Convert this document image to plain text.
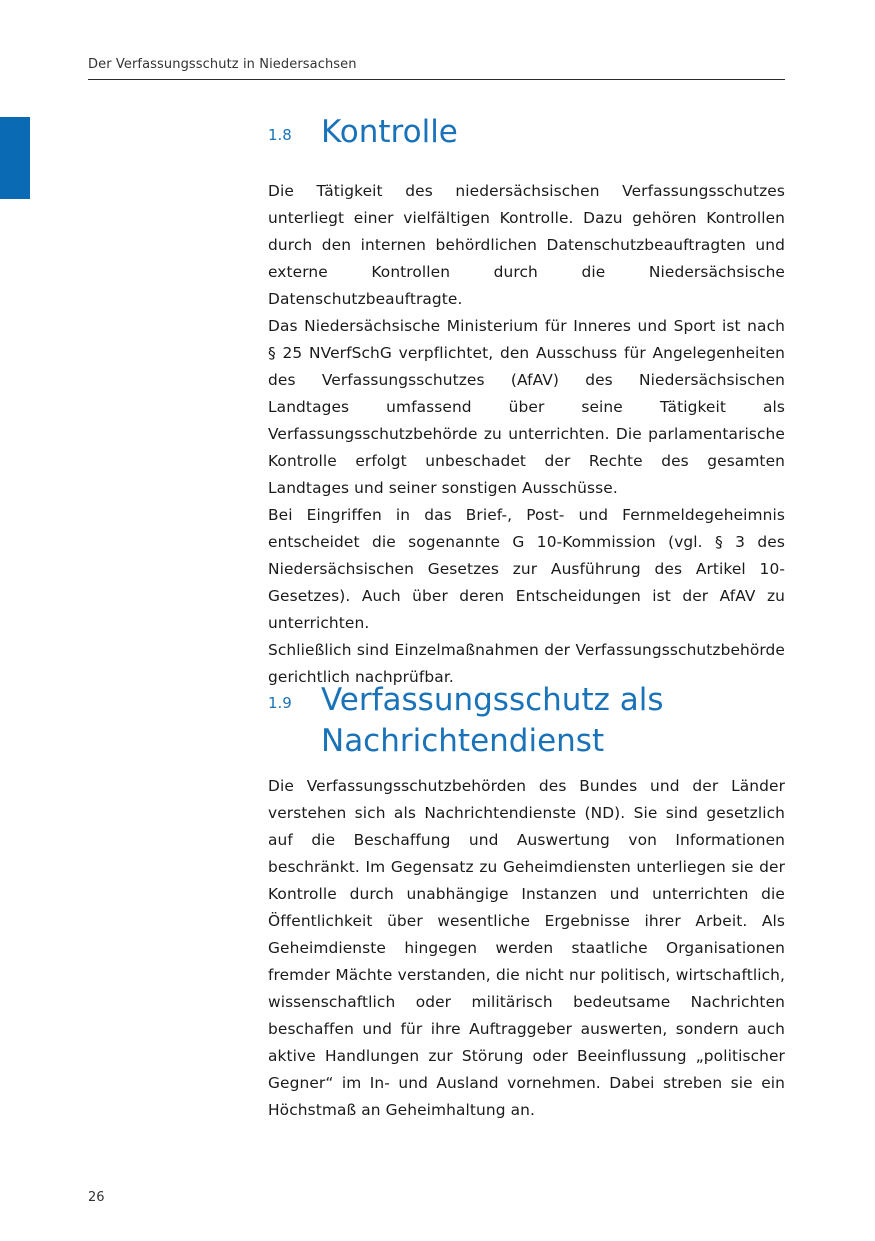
Der Verfassungsschutz in Niedersachsen
1.8 Kontrolle

Die Tätigkeit des niedersächsischen Verfassungsschutzes unterliegt einer vielfältigen Kontrolle. Dazu gehören Kontrollen durch den internen behördlichen Datenschutzbeauftragten und externe Kontrollen durch die Niedersächsische Datenschutzbeauftragte.

Das Niedersächsische Ministerium für Inneres und Sport ist nach § 25 NVerfSchG verpflichtet, den Ausschuss für Angelegenheiten des Verfassungsschutzes (AfAV) des Niedersächsischen Landtages umfassend über seine Tätigkeit als Verfassungsschutzbehörde zu unterrichten. Die parlamentarische Kontrolle erfolgt unbeschadet der Rechte des gesamten Landtages und seiner sonstigen Ausschüsse.

Bei Eingriffen in das Brief-, Post- und Fernmeldegeheimnis entscheidet die sogenannte G 10-Kommission (vgl. § 3 des Niedersächsischen Gesetzes zur Ausführung des Artikel 10-Gesetzes). Auch über deren Entscheidungen ist der AfAV zu unterrichten.

Schließlich sind Einzelmaßnahmen der Verfassungsschutzbehörde gerichtlich nachprüfbar.

1.9 Verfassungsschutz als
Nachrichtendienst

Die Verfassungsschutzbehörden des Bundes und der Länder verstehen sich als Nachrichtendienste (ND). Sie sind gesetzlich auf die Beschaffung und Auswertung von Informationen beschränkt. Im Gegensatz zu Geheimdiensten unterliegen sie der Kontrolle durch unabhängige Instanzen und unterrichten die Öffentlichkeit über wesentliche Ergebnisse ihrer Arbeit. Als Geheimdienste hingegen werden staatliche Organisationen fremder Mächte verstanden, die nicht nur politisch, wirtschaftlich, wissenschaftlich oder militärisch bedeutsame Nachrichten beschaffen und für ihre Auftraggeber auswerten, sondern auch aktive Handlungen zur Störung oder Beeinflussung „politischer Gegner“ im In- und Ausland vornehmen. Dabei streben sie ein Höchstmaß an Geheimhaltung an.

26
